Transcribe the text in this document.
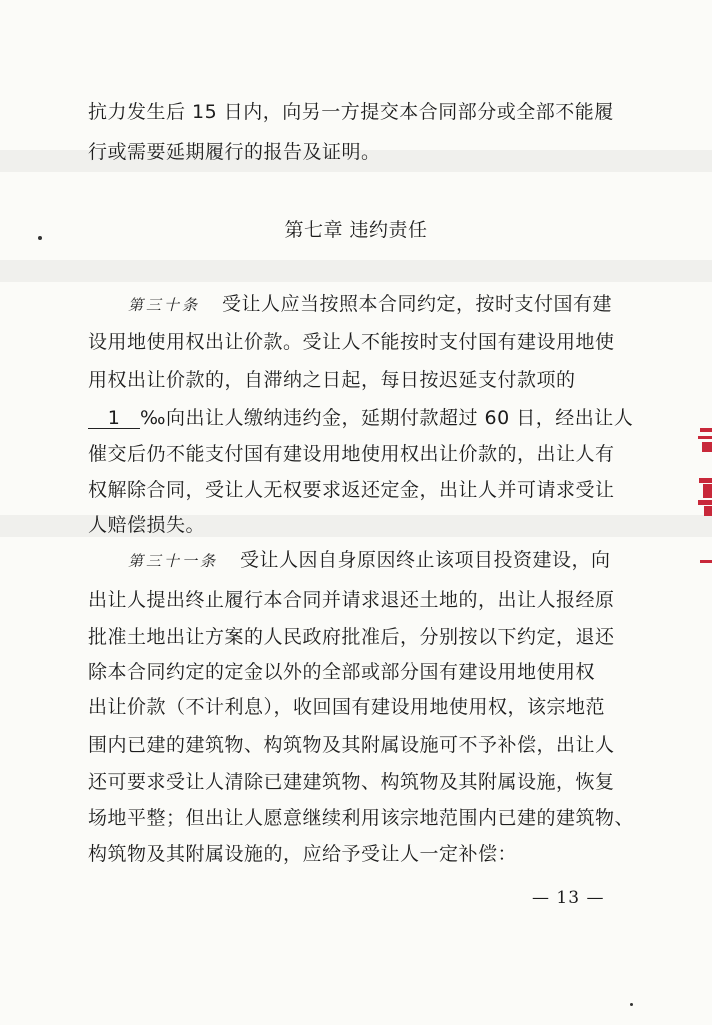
抗力发生后 15 日内，向另一方提交本合同部分或全部不能履
行或需要延期履行的报告及证明。
第七章 违约责任
第三十条 受让人应当按照本合同约定，按时支付国有建
设用地使用权出让价款。受让人不能按时支付国有建设用地使
用权出让价款的，自滞纳之日起，每日按迟延支付款项的
1 ‰向出让人缴纳违约金，延期付款超过 60 日，经出让人
催交后仍不能支付国有建设用地使用权出让价款的，出让人有
权解除合同，受让人无权要求返还定金，出让人并可请求受让
人赔偿损失。
第三十一条 受让人因自身原因终止该项目投资建设，向
出让人提出终止履行本合同并请求退还土地的，出让人报经原
批准土地出让方案的人民政府批准后，分别按以下约定，退还
除本合同约定的定金以外的全部或部分国有建设用地使用权
出让价款（不计利息），收回国有建设用地使用权，该宗地范
围内已建的建筑物、构筑物及其附属设施可不予补偿，出让人
还可要求受让人清除已建建筑物、构筑物及其附属设施，恢复
场地平整；但出让人愿意继续利用该宗地范围内已建的建筑物、
构筑物及其附属设施的，应给予受让人一定补偿：
— 13 —
